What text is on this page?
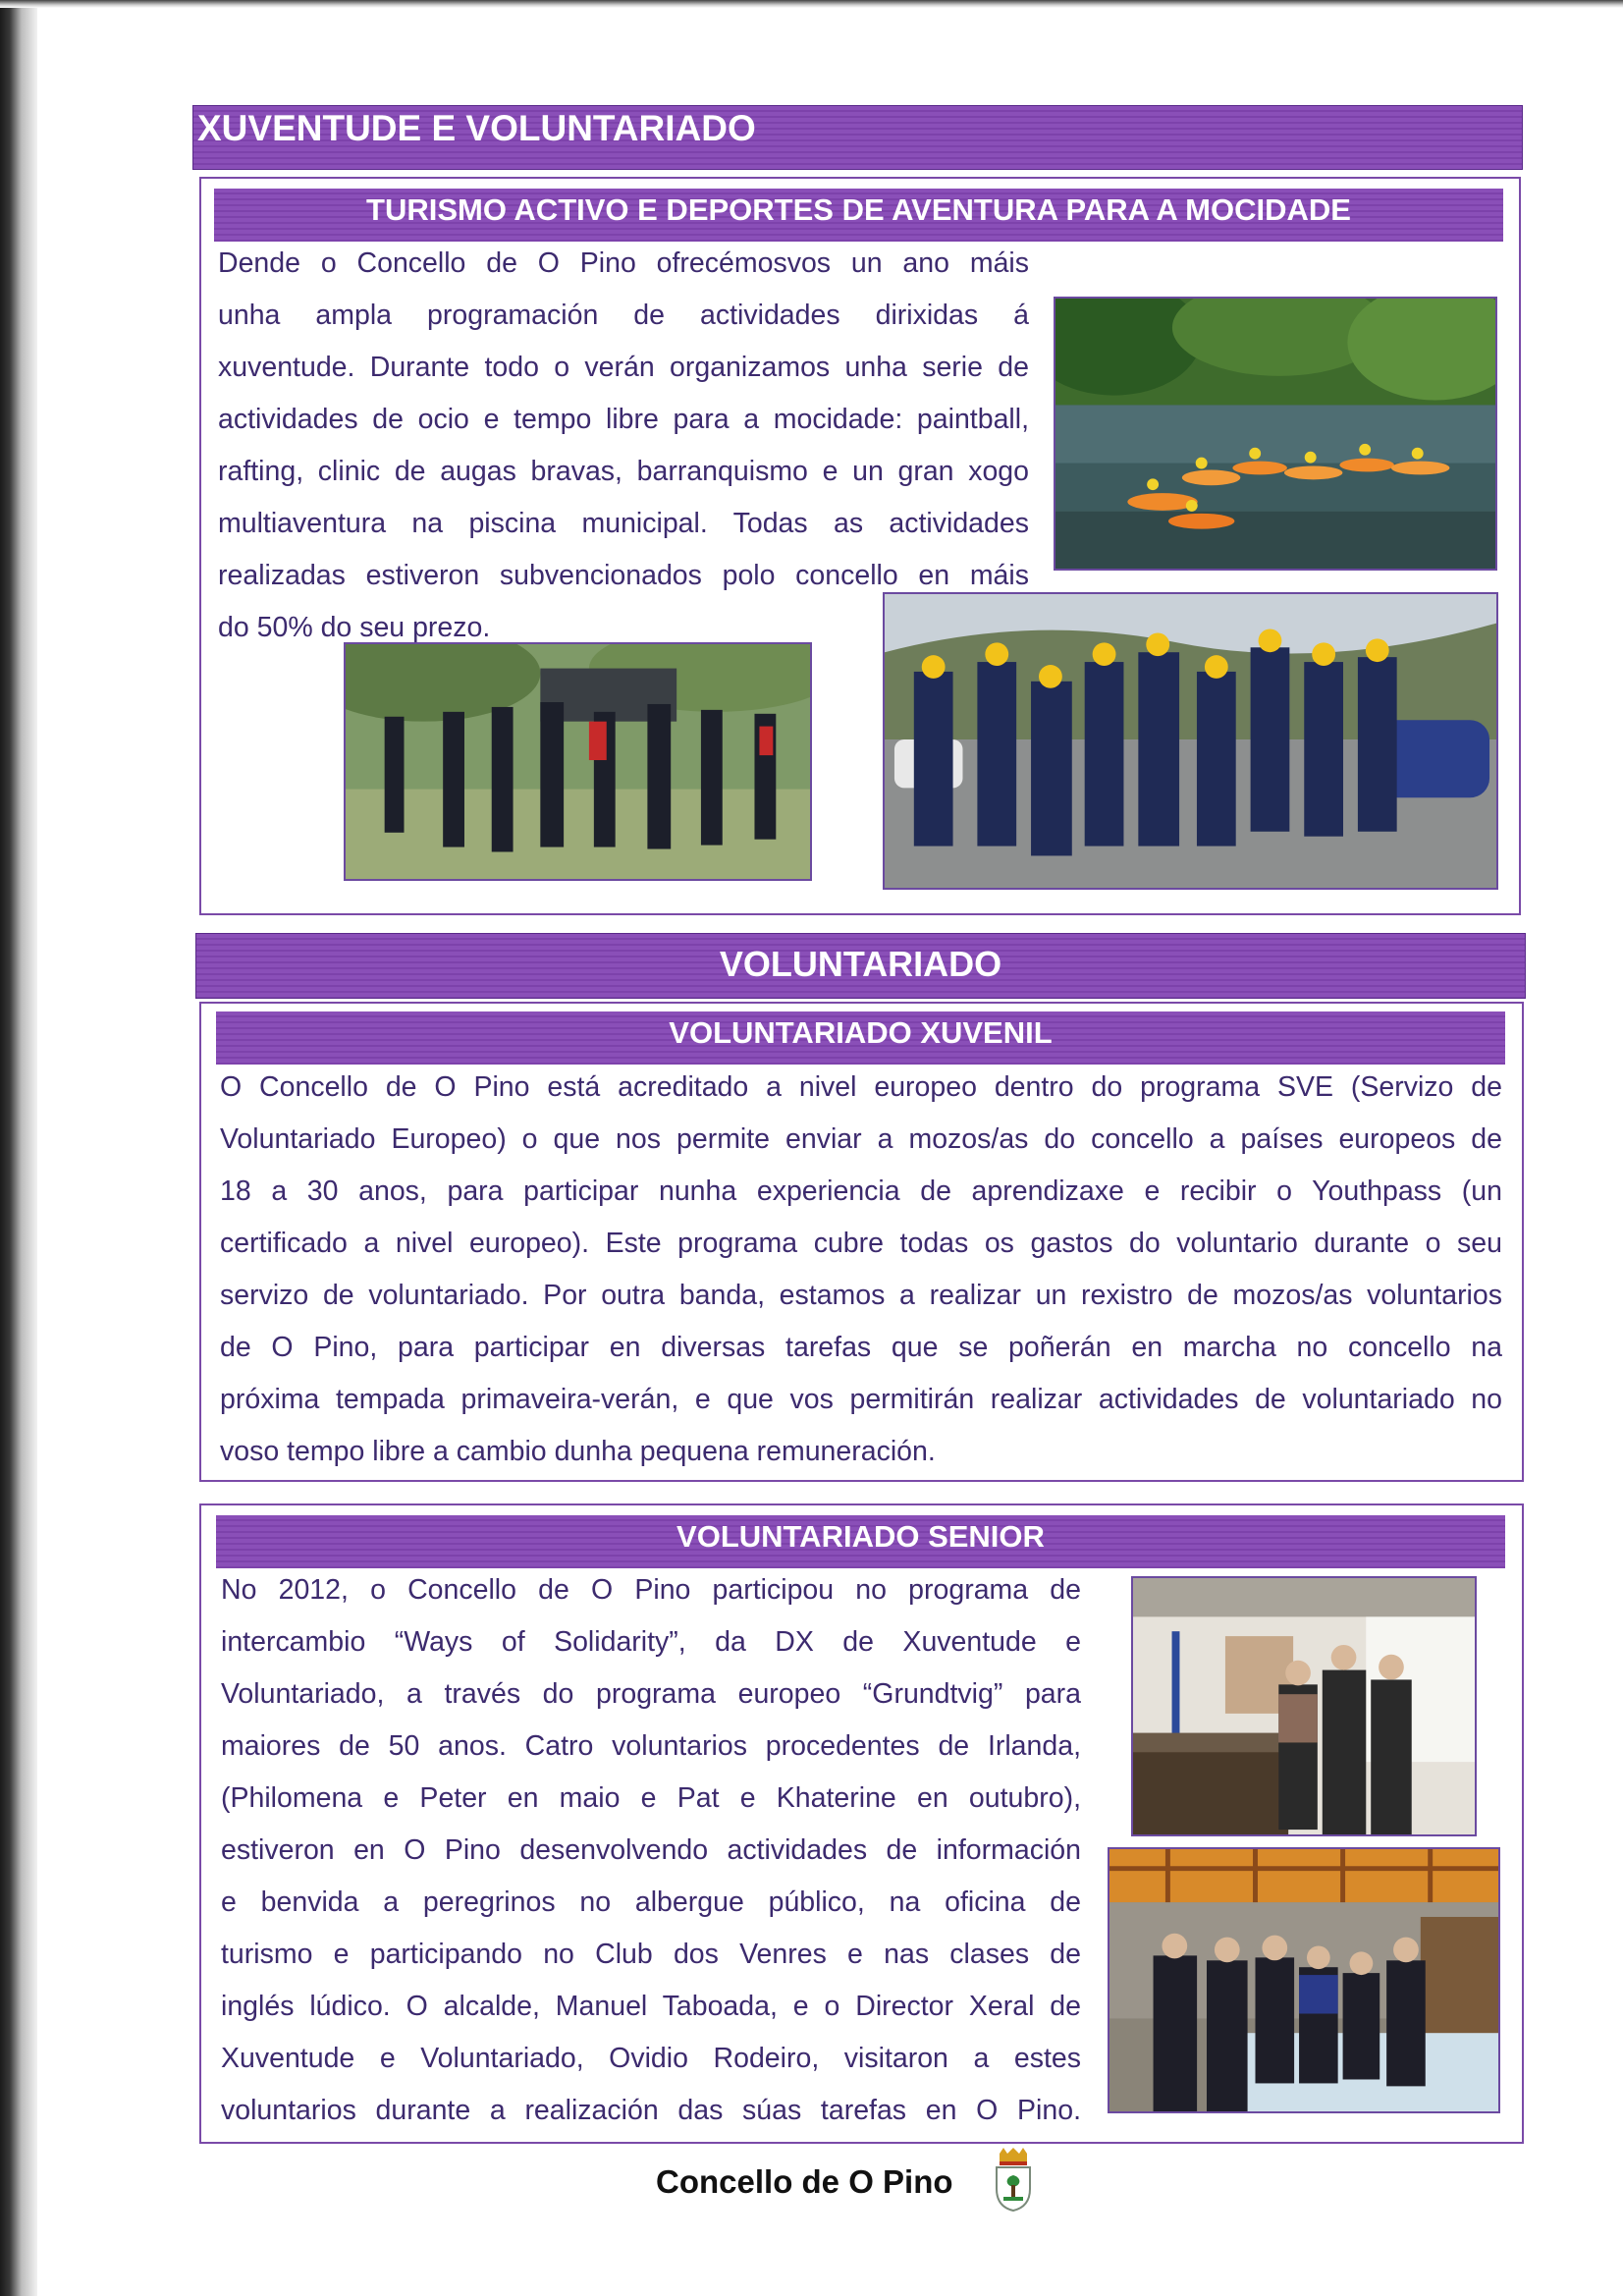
XUVENTUDE E VOLUNTARIADO
TURISMO ACTIVO E DEPORTES DE AVENTURA PARA A MOCIDADE
Dende o Concello de O Pino ofrecémosvos un ano máis
unha ampla programación de actividades dirixidas á
xuventude. Durante todo o verán organizamos unha serie de
actividades de ocio e tempo libre para a mocidade: paintball,
rafting, clinic de augas bravas, barranquismo e un gran xogo
multiaventura na piscina municipal. Todas as actividades
realizadas estiveron subvencionados polo concello en máis
do 50% do seu prezo.
VOLUNTARIADO
VOLUNTARIADO XUVENIL
O Concello de O Pino está acreditado a nivel europeo dentro do programa SVE (Servizo de
Voluntariado Europeo) o que nos permite enviar a mozos/as do concello a países europeos de
18 a 30 anos, para participar nunha experiencia de aprendizaxe e recibir o Youthpass (un
certificado a nivel europeo). Este programa cubre todas os gastos do voluntario durante o seu
servizo de voluntariado. Por outra banda, estamos a realizar un rexistro de mozos/as voluntarios
de O Pino, para participar en diversas tarefas que se poñerán en marcha no concello na
próxima tempada primaveira-verán, e que vos permitirán realizar actividades de voluntariado no
voso tempo libre a cambio dunha pequena remuneración.
VOLUNTARIADO SENIOR
No 2012, o Concello de O Pino participou no programa de
intercambio “Ways of Solidarity”, da DX de Xuventude e
Voluntariado, a través do programa europeo “Grundtvig” para
maiores de 50 anos. Catro voluntarios procedentes de Irlanda,
(Philomena e Peter en maio e Pat e Khaterine en outubro),
estiveron en O Pino desenvolvendo actividades de información
e benvida a peregrinos no albergue público, na oficina de
turismo e participando no Club dos Venres e nas clases de
inglés lúdico. O alcalde, Manuel Taboada, e o Director Xeral de
Xuventude e Voluntariado, Ovidio Rodeiro, visitaron a estes
voluntarios durante a realización das súas tarefas en O Pino.
Concello de O Pino
